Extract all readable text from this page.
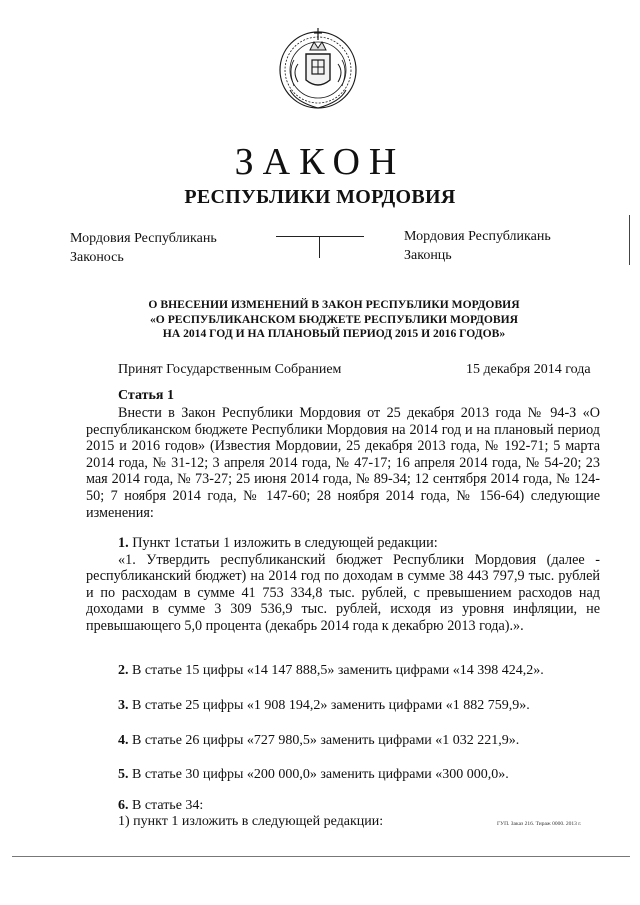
ЗАКОН
РЕСПУБЛИКИ МОРДОВИЯ
Мордовия Республикань
Законось
Мордовия Республикань
Законць
О ВНЕСЕНИИ ИЗМЕНЕНИЙ В ЗАКОН РЕСПУБЛИКИ МОРДОВИЯ
«О РЕСПУБЛИКАНСКОМ БЮДЖЕТЕ РЕСПУБЛИКИ МОРДОВИЯ
НА 2014 ГОД И НА ПЛАНОВЫЙ ПЕРИОД 2015 И 2016 ГОДОВ»
Принят Государственным Собранием	15 декабря 2014 года
Статья 1
Внести в Закон Республики Мордовия от 25 декабря 2013 года № 94-З «О республиканском бюджете Республики Мордовия на 2014 год и на плановый период 2015 и 2016 годов» (Известия Мордовии, 25 декабря 2013 года, № 192-71; 5 марта 2014 года, № 31-12; 3 апреля 2014 года, № 47-17; 16 апреля 2014 года, № 54-20; 23 мая 2014 года, № 73-27; 25 июня 2014 года, № 89-34; 12 сентября 2014 года, № 124-50; 7 ноября 2014 года, № 147-60; 28 ноября 2014 года, № 156-64) следующие изменения:
1. Пункт 1статьи 1 изложить в следующей редакции:
«1. Утвердить республиканский бюджет Республики Мордовия (далее - республиканский бюджет) на 2014 год по доходам в сумме 38 443 797,9 тыс. рублей и по расходам в сумме 41 753 334,8 тыс. рублей, с превышением расходов над доходами в сумме 3 309 536,9 тыс. рублей, исходя из уровня инфляции, не превышающего 5,0 процента (декабрь 2014 года к декабрю 2013 года).».
2. В статье 15 цифры «14 147 888,5» заменить цифрами «14 398 424,2».
3. В статье 25 цифры «1 908 194,2» заменить цифрами «1 882 759,9».
4. В статье 26 цифры «727 980,5» заменить цифрами «1 032 221,9».
5. В статье 30 цифры «200 000,0» заменить цифрами «300 000,0».
6. В статье 34:
1) пункт 1 изложить в следующей редакции:	ГУП. Заказ 216. Тираж 0000. 2013 г.
